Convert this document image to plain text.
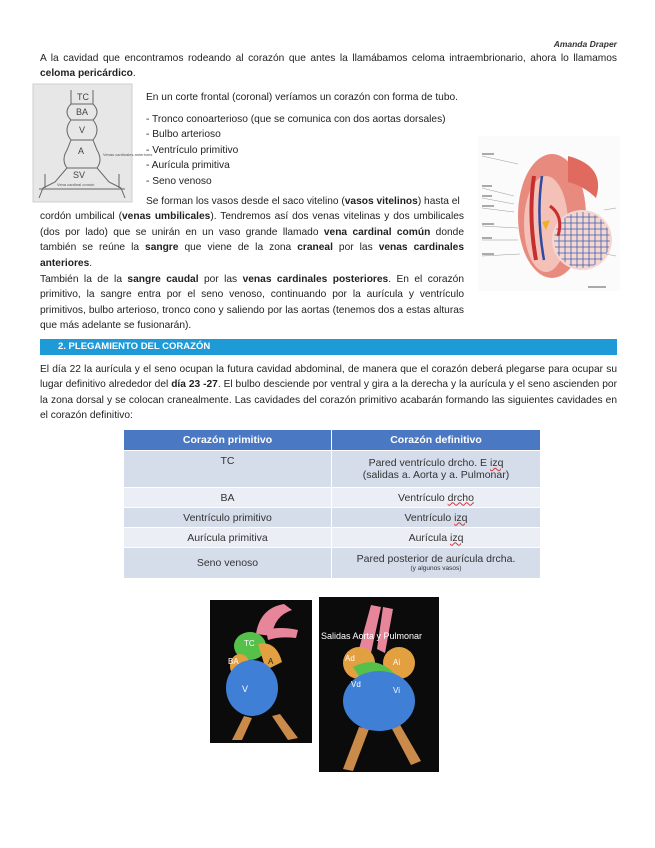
Amanda Draper
A la cavidad que encontramos rodeando al corazón que antes la llamábamos celoma intraembrionario, ahora lo llamamos celoma pericárdico.
TC
BA
V
A
SV
Venas cardinales anteriores
Vena cardinal común
En un corte frontal (coronal) veríamos un corazón con forma de tubo.
- Tronco conoarterioso (que se comunica con dos aortas dorsales)
- Bulbo arterioso
- Ventrículo primitivo
- Aurícula primitiva
- Seno venoso
Se forman los vasos desde el saco vitelino (vasos vitelinos) hasta el
cordón umbilical (venas umbilicales). Tendremos así dos venas vitelinas y dos umbilicales (dos por lado) que se unirán en un vaso grande llamado vena cardinal común donde también se reúne la sangre que viene de la zona craneal por las venas cardinales anteriores.
También la de la sangre caudal por las venas cardinales posteriores. En el corazón primitivo, la sangre entra por el seno venoso, continuando por la aurícula y ventrículo primitivos, bulbo arterioso, tronco cono y saliendo por las aortas (tenemos dos a estas alturas que más adelante se fusionarán).
2. PLEGAMIENTO DEL CORAZÓN
El día 22 la aurícula y el seno ocupan la futura cavidad abdominal, de manera que el corazón deberá plegarse para ocupar su lugar definitivo alrededor del día 23 -27. El bulbo desciende por ventral y gira a la derecha y la aurícula y el seno ascienden por la zona dorsal y se colocan cranealmente. Las cavidades del corazón primitivo acabarán formando las siguientes cavidades en el corazón definitivo:
Corazón primitivo	Corazón definitivo
TC	Pared ventrículo drcho. E izq
(salidas a. Aorta y a. Pulmonar)
BA	Ventrículo drcho
Ventrículo primitivo	Ventrículo izq
Aurícula primitiva	Aurícula izq
Seno venoso	Pared posterior de aurícula drcha.
(y algunos vasos)
TC
BA	A
V
Salidas Aorta y Pulmonar
Ad	Ai
Vd
Vi
